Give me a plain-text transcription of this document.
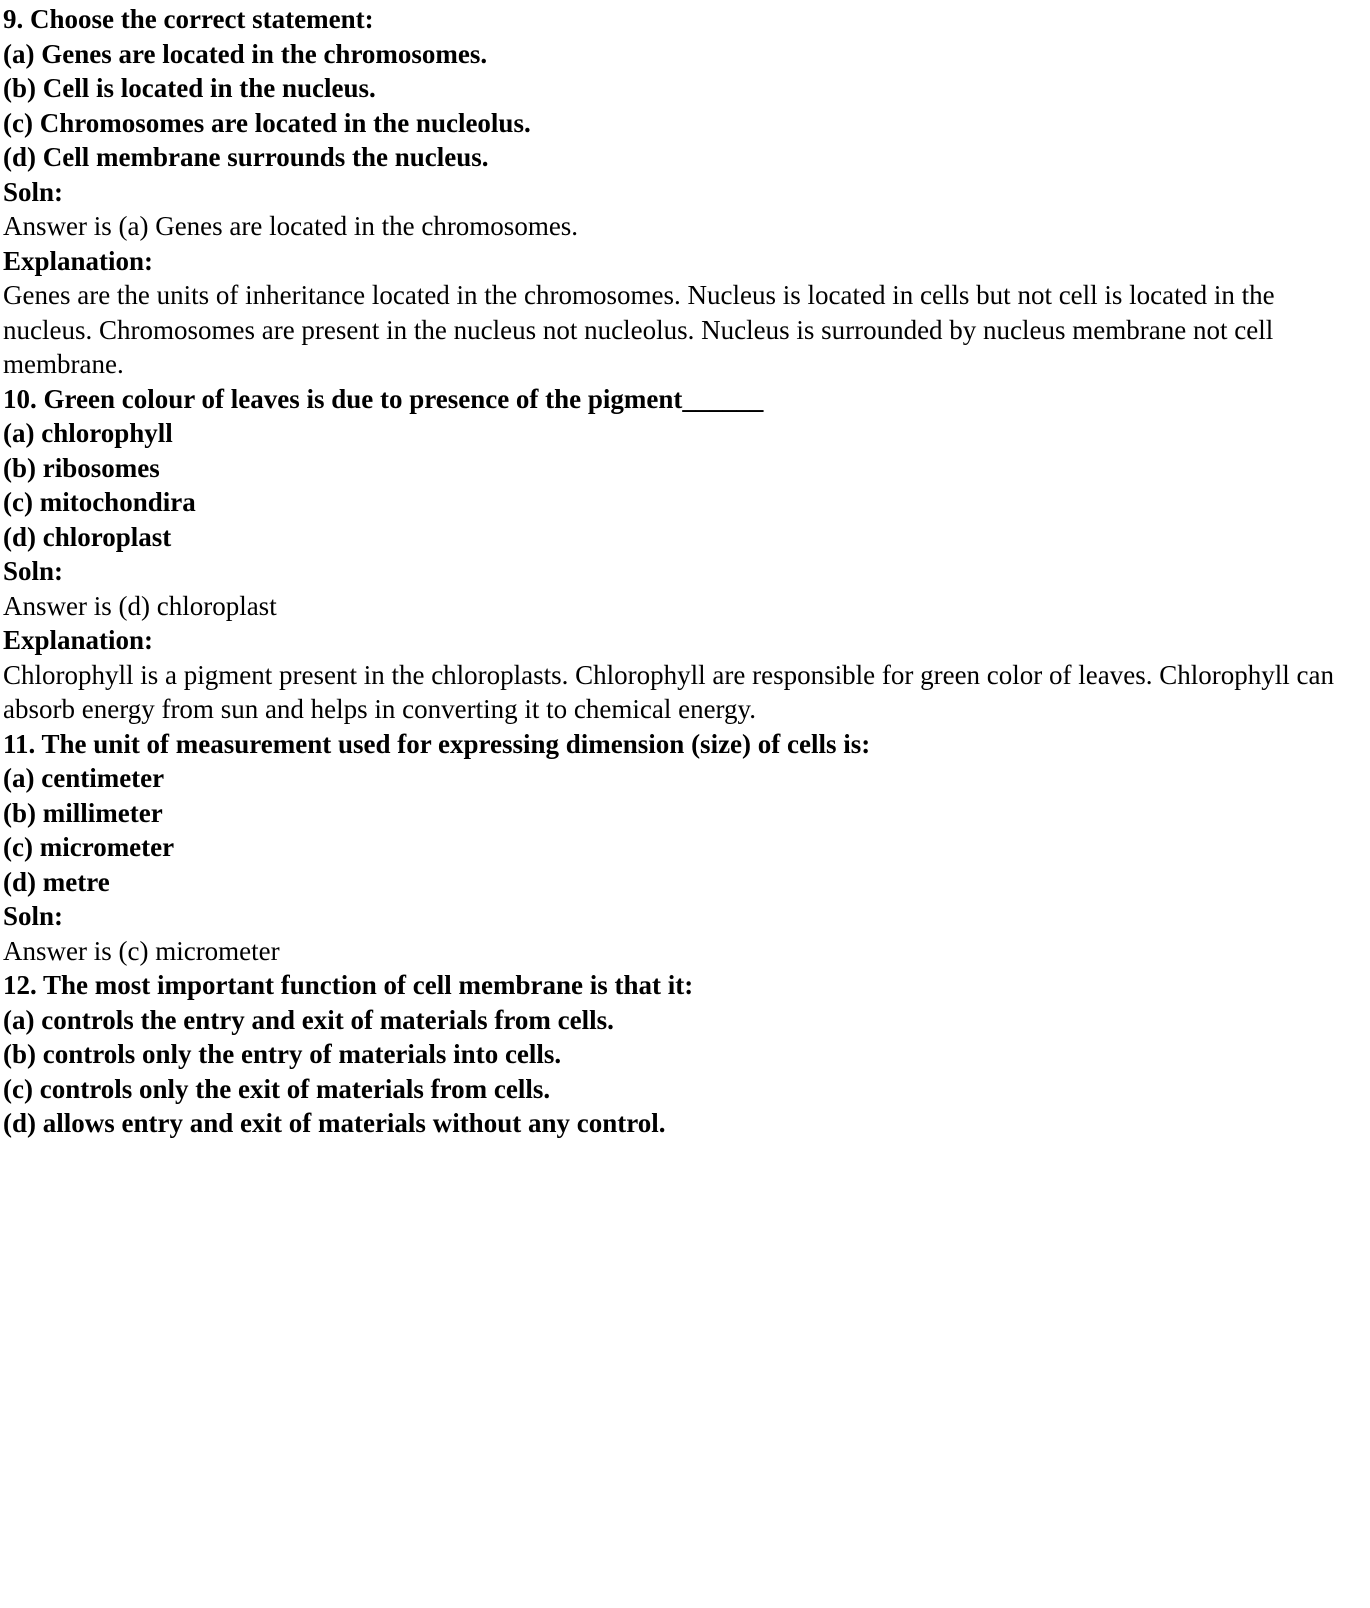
9. Choose the correct statement:

(a) Genes are located in the chromosomes.

(b) Cell is located in the nucleus.

(c) Chromosomes are located in the nucleolus.

(d) Cell membrane surrounds the nucleus.

Soln:

Answer is (a) Genes are located in the chromosomes.

Explanation:

Genes are the units of inheritance located in the chromosomes. Nucleus is located in cells but not cell is located in the nucleus. Chromosomes are present in the nucleus not nucleolus. Nucleus is surrounded by nucleus membrane not cell membrane.

10. Green colour of leaves is due to presence of the pigment______

(a) chlorophyll

(b) ribosomes

(c) mitochondira

(d) chloroplast

Soln:

Answer is (d) chloroplast

Explanation:

Chlorophyll is a pigment present in the chloroplasts. Chlorophyll are responsible for green color of leaves. Chlorophyll can absorb energy from sun and helps in converting it to chemical energy.

11. The unit of measurement used for expressing dimension (size) of cells is:

(a) centimeter

(b) millimeter

(c) micrometer

(d) metre

Soln:

Answer is (c) micrometer

12. The most important function of cell membrane is that it:

(a) controls the entry and exit of materials from cells.

(b) controls only the entry of materials into cells.

(c) controls only the exit of materials from cells.

(d) allows entry and exit of materials without any control.
